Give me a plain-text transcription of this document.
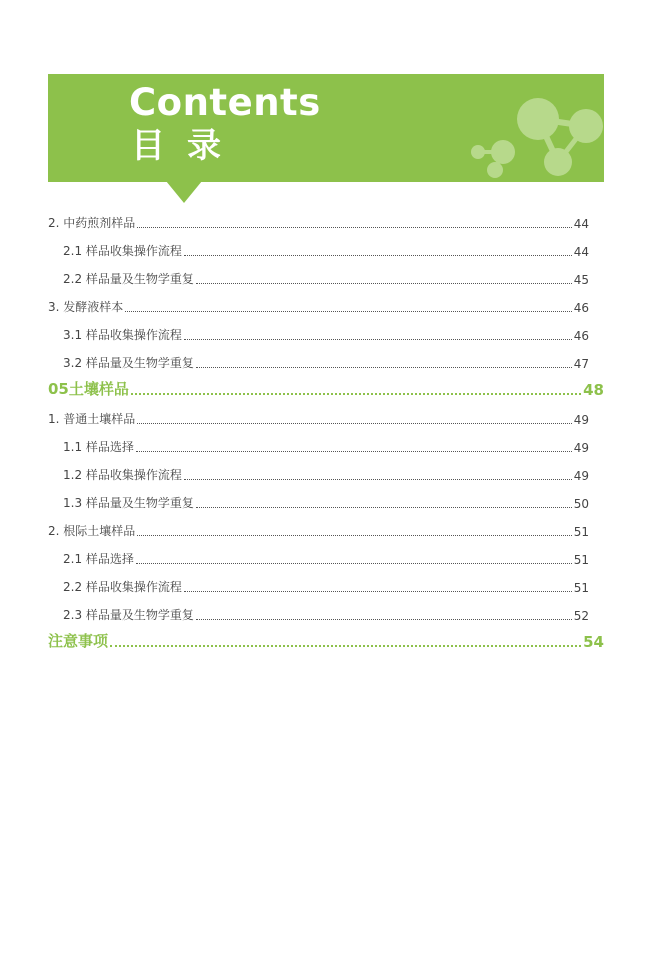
Contents
目录
2. 中药煎剂样品	44
2.1 样品收集操作流程	44
2.2 样品量及生物学重复	45
3. 发酵液样本	46
3.1 样品收集操作流程	46
3.2 样品量及生物学重复	47
05土壤样品	48
1. 普通土壤样品	49
1.1 样品选择	49
1.2 样品收集操作流程	49
1.3 样品量及生物学重复	50
2. 根际土壤样品	51
2.1 样品选择	51
2.2 样品收集操作流程	51
2.3 样品量及生物学重复	52
注意事项	54
